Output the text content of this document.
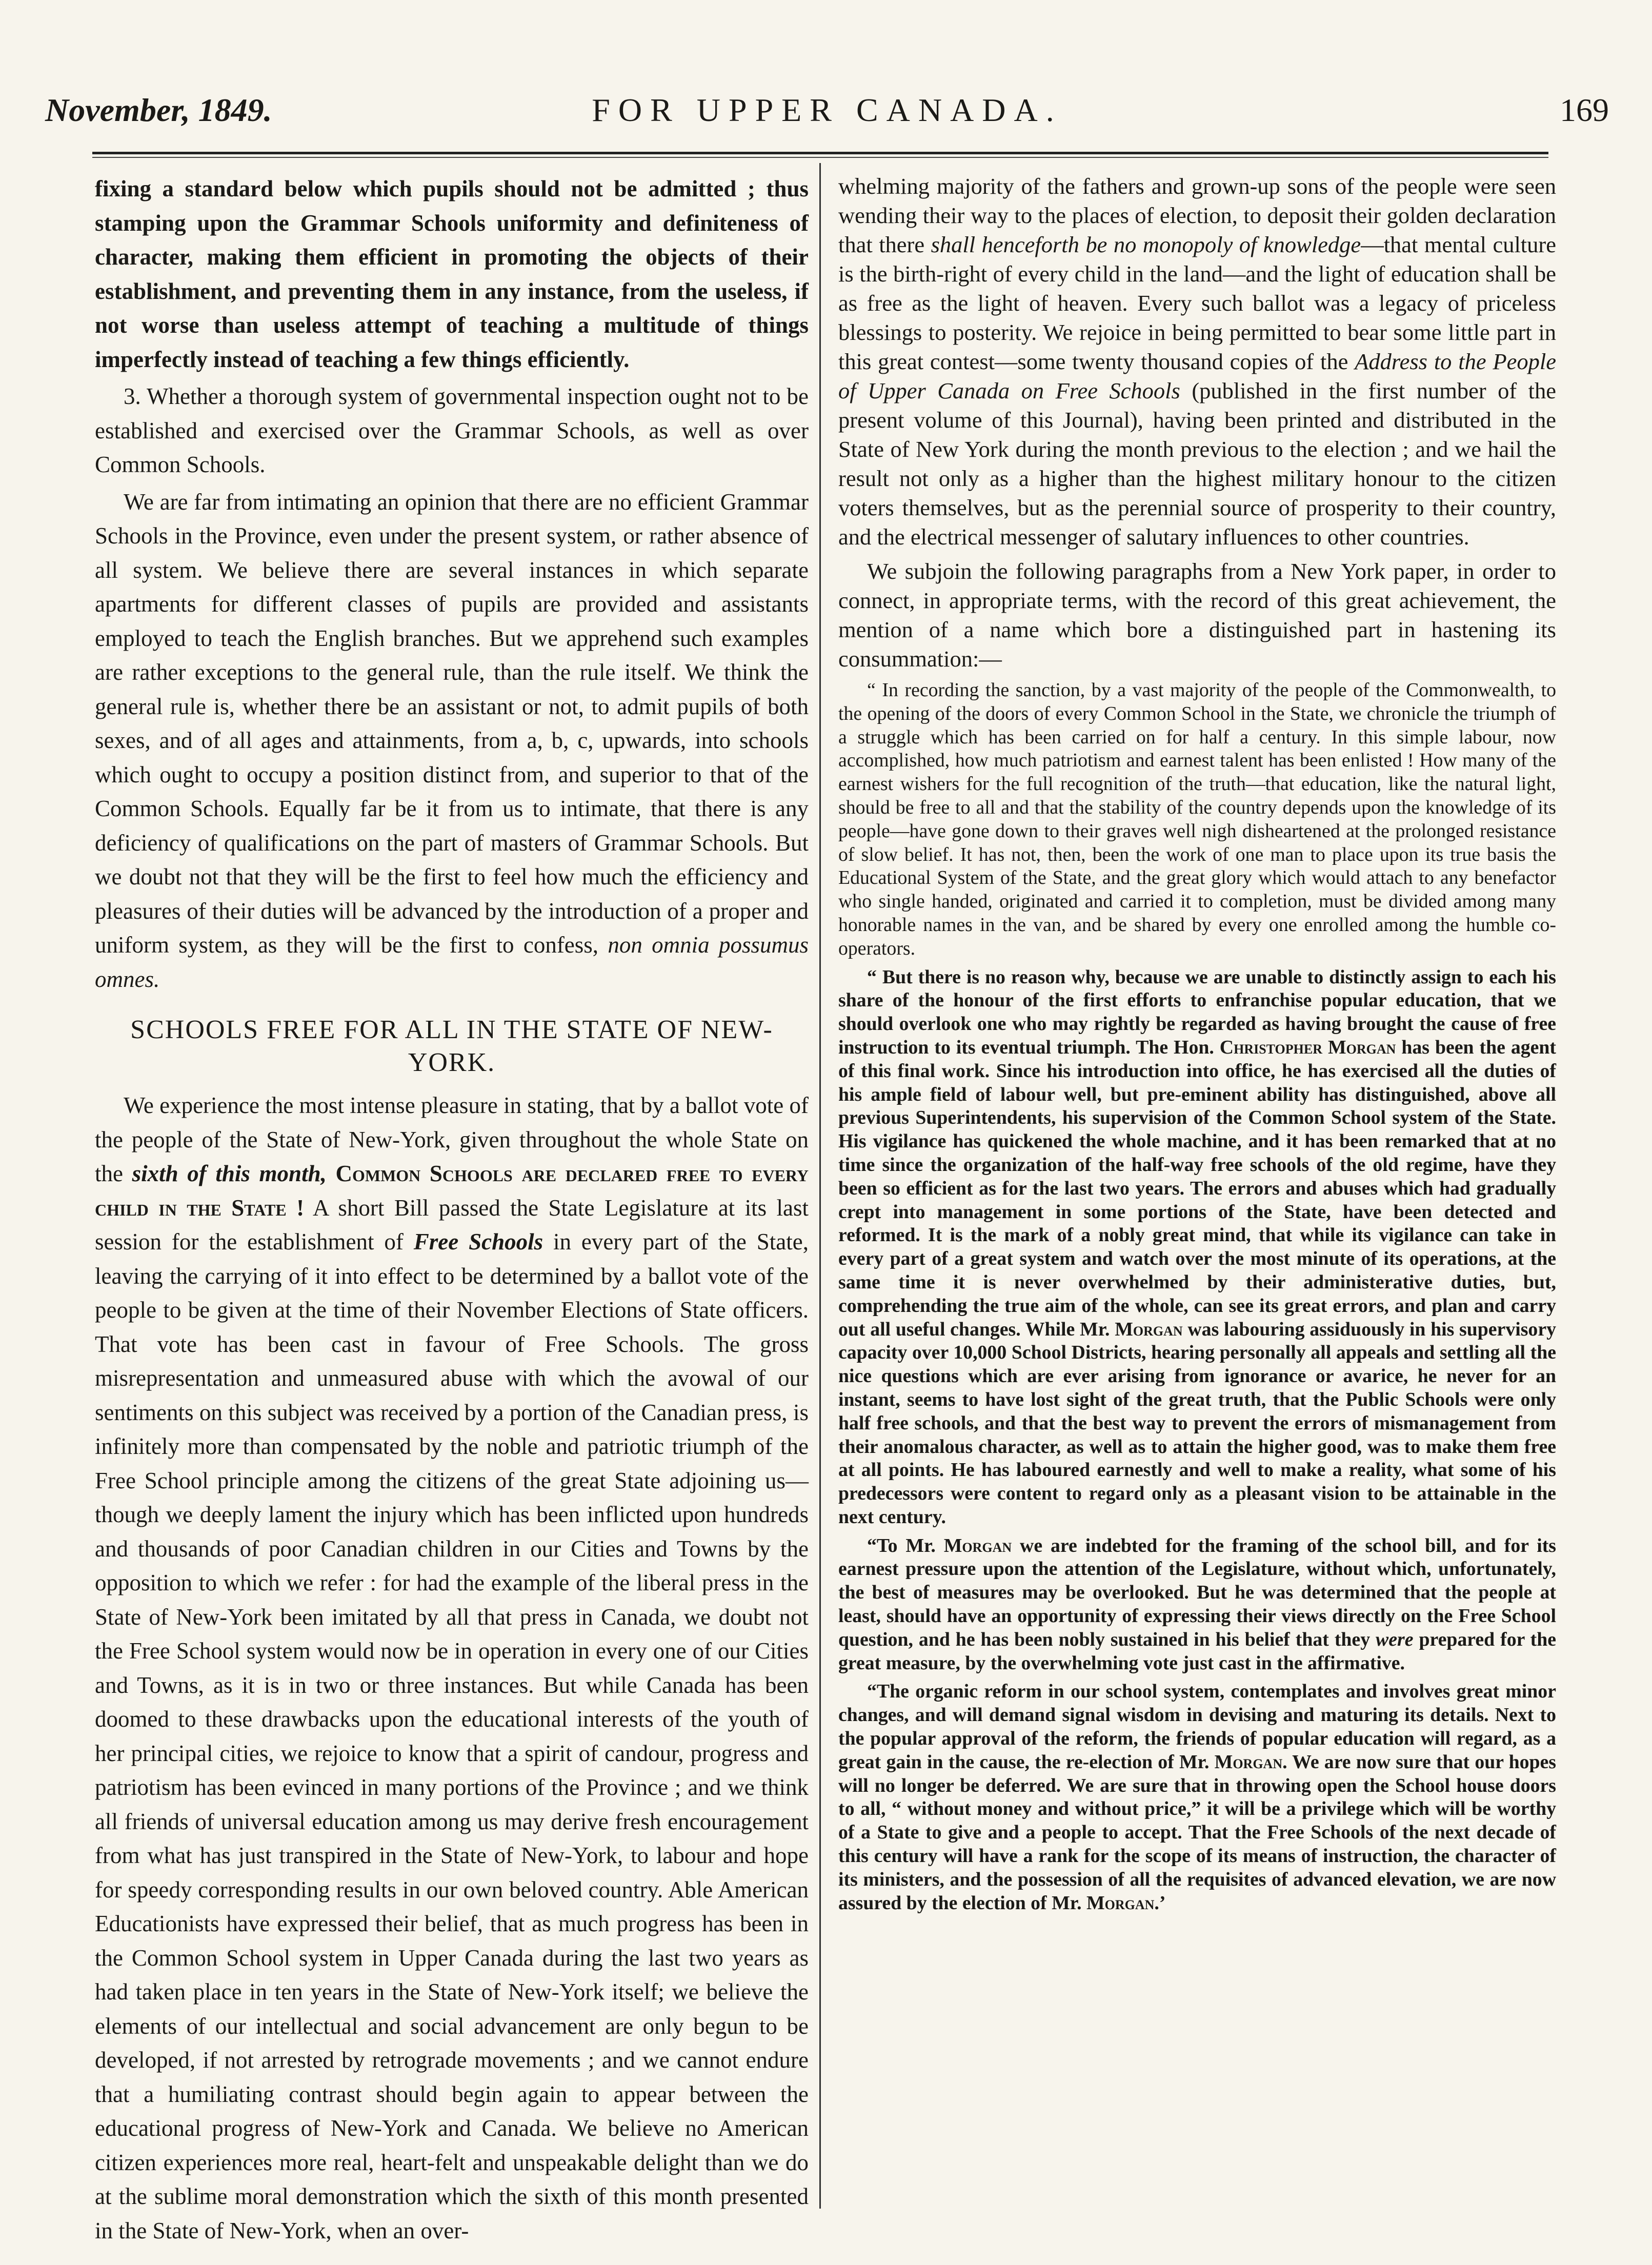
November, 1849.	FOR UPPER CANADA.	169

fixing a standard below which pupils should not be admitted ; thus stamping upon the Grammar Schools uniformity and definiteness of character, making them efficient in promoting the objects of their establishment, and preventing them in any instance, from the useless, if not worse than useless attempt of teaching a multitude of things imperfectly instead of teaching a few things efficiently.

3. Whether a thorough system of governmental inspection ought not to be established and exercised over the Grammar Schools, as well as over Common Schools.

We are far from intimating an opinion that there are no efficient Grammar Schools in the Province, even under the present system, or rather absence of all system. We believe there are several instances in which separate apartments for different classes of pupils are provided and assistants employed to teach the English branches. But we apprehend such examples are rather exceptions to the general rule, than the rule itself. We think the general rule is, whether there be an assistant or not, to admit pupils of both sexes, and of all ages and attainments, from a, b, c, upwards, into schools which ought to occupy a position distinct from, and superior to that of the Common Schools. Equally far be it from us to intimate, that there is any deficiency of qualifications on the part of masters of Grammar Schools. But we doubt not that they will be the first to feel how much the efficiency and pleasures of their duties will be advanced by the introduction of a proper and uniform system, as they will be the first to confess, non omnia possumus omnes.

SCHOOLS FREE FOR ALL IN THE STATE OF NEW-YORK.

We experience the most intense pleasure in stating, that by a ballot vote of the people of the State of New-York, given throughout the whole State on the sixth of this month, Common Schools are declared free to every child in the State ! A short Bill passed the State Legislature at its last session for the establishment of Free Schools in every part of the State, leaving the carrying of it into effect to be determined by a ballot vote of the people to be given at the time of their November Elections of State officers. That vote has been cast in favour of Free Schools. The gross misrepresentation and unmeasured abuse with which the avowal of our sentiments on this subject was received by a portion of the Canadian press, is infinitely more than compensated by the noble and patriotic triumph of the Free School principle among the citizens of the great State adjoining us—though we deeply lament the injury which has been inflicted upon hundreds and thousands of poor Canadian children in our Cities and Towns by the opposition to which we refer : for had the example of the liberal press in the State of New-York been imitated by all that press in Canada, we doubt not the Free School system would now be in operation in every one of our Cities and Towns, as it is in two or three instances. But while Canada has been doomed to these drawbacks upon the educational interests of the youth of her principal cities, we rejoice to know that a spirit of candour, progress and patriotism has been evinced in many portions of the Province ; and we think all friends of universal education among us may derive fresh encouragement from what has just transpired in the State of New-York, to labour and hope for speedy corresponding results in our own beloved country. Able American Educationists have expressed their belief, that as much progress has been in the Common School system in Upper Canada during the last two years as had taken place in ten years in the State of New-York itself; we believe the elements of our intellectual and social advancement are only begun to be developed, if not arrested by retrograde movements ; and we cannot endure that a humiliating contrast should begin again to appear between the educational progress of New-York and Canada. We believe no American citizen experiences more real, heart-felt and unspeakable delight than we do at the sublime moral demonstration which the sixth of this month presented in the State of New-York, when an over-

whelming majority of the fathers and grown-up sons of the people were seen wending their way to the places of election, to deposit their golden declaration that there shall henceforth be no monopoly of knowledge—that mental culture is the birth-right of every child in the land—and the light of education shall be as free as the light of heaven. Every such ballot was a legacy of priceless blessings to posterity. We rejoice in being permitted to bear some little part in this great contest—some twenty thousand copies of the Address to the People of Upper Canada on Free Schools (published in the first number of the present volume of this Journal), having been printed and distributed in the State of New York during the month previous to the election ; and we hail the result not only as a higher than the highest military honour to the citizen voters themselves, but as the perennial source of prosperity to their country, and the electrical messenger of salutary influences to other countries.

We subjoin the following paragraphs from a New York paper, in order to connect, in appropriate terms, with the record of this great achievement, the mention of a name which bore a distinguished part in hastening its consummation:—

“ In recording the sanction, by a vast majority of the people of the Commonwealth, to the opening of the doors of every Common School in the State, we chronicle the triumph of a struggle which has been carried on for half a century. In this simple labour, now accomplished, how much patriotism and earnest talent has been enlisted ! How many of the earnest wishers for the full recognition of the truth—that education, like the natural light, should be free to all and that the stability of the country depends upon the knowledge of its people—have gone down to their graves well nigh disheartened at the prolonged resistance of slow belief. It has not, then, been the work of one man to place upon its true basis the Educational System of the State, and the great glory which would attach to any benefactor who single handed, originated and carried it to completion, must be divided among many honorable names in the van, and be shared by every one enrolled among the humble co-operators.

“ But there is no reason why, because we are unable to distinctly assign to each his share of the honour of the first efforts to enfranchise popular education, that we should overlook one who may rightly be regarded as having brought the cause of free instruction to its eventual triumph. The Hon. Christopher Morgan has been the agent of this final work. Since his introduction into office, he has exercised all the duties of his ample field of labour well, but pre-eminent ability has distinguished, above all previous Superintendents, his supervision of the Common School system of the State. His vigilance has quickened the whole machine, and it has been remarked that at no time since the organization of the half-way free schools of the old regime, have they been so efficient as for the last two years. The errors and abuses which had gradually crept into management in some portions of the State, have been detected and reformed. It is the mark of a nobly great mind, that while its vigilance can take in every part of a great system and watch over the most minute of its operations, at the same time it is never overwhelmed by their administerative duties, but, comprehending the true aim of the whole, can see its great errors, and plan and carry out all useful changes. While Mr. Morgan was labouring assiduously in his supervisory capacity over 10,000 School Districts, hearing personally all appeals and settling all the nice questions which are ever arising from ignorance or avarice, he never for an instant, seems to have lost sight of the great truth, that the Public Schools were only half free schools, and that the best way to prevent the errors of mismanagement from their anomalous character, as well as to attain the higher good, was to make them free at all points. He has laboured earnestly and well to make a reality, what some of his predecessors were content to regard only as a pleasant vision to be attainable in the next century.

“To Mr. Morgan we are indebted for the framing of the school bill, and for its earnest pressure upon the attention of the Legislature, without which, unfortunately, the best of measures may be overlooked. But he was determined that the people at least, should have an opportunity of expressing their views directly on the Free School question, and he has been nobly sustained in his belief that they were prepared for the great measure, by the overwhelming vote just cast in the affirmative.

“The organic reform in our school system, contemplates and involves great minor changes, and will demand signal wisdom in devising and maturing its details. Next to the popular approval of the reform, the friends of popular education will regard, as a great gain in the cause, the re-election of Mr. Morgan. We are now sure that our hopes will no longer be deferred. We are sure that in throwing open the School house doors to all, “ without money and without price,” it will be a privilege which will be worthy of a State to give and a people to accept. That the Free Schools of the next decade of this century will have a rank for the scope of its means of instruction, the character of its ministers, and the possession of all the requisites of advanced elevation, we are now assured by the election of Mr. Morgan.’
